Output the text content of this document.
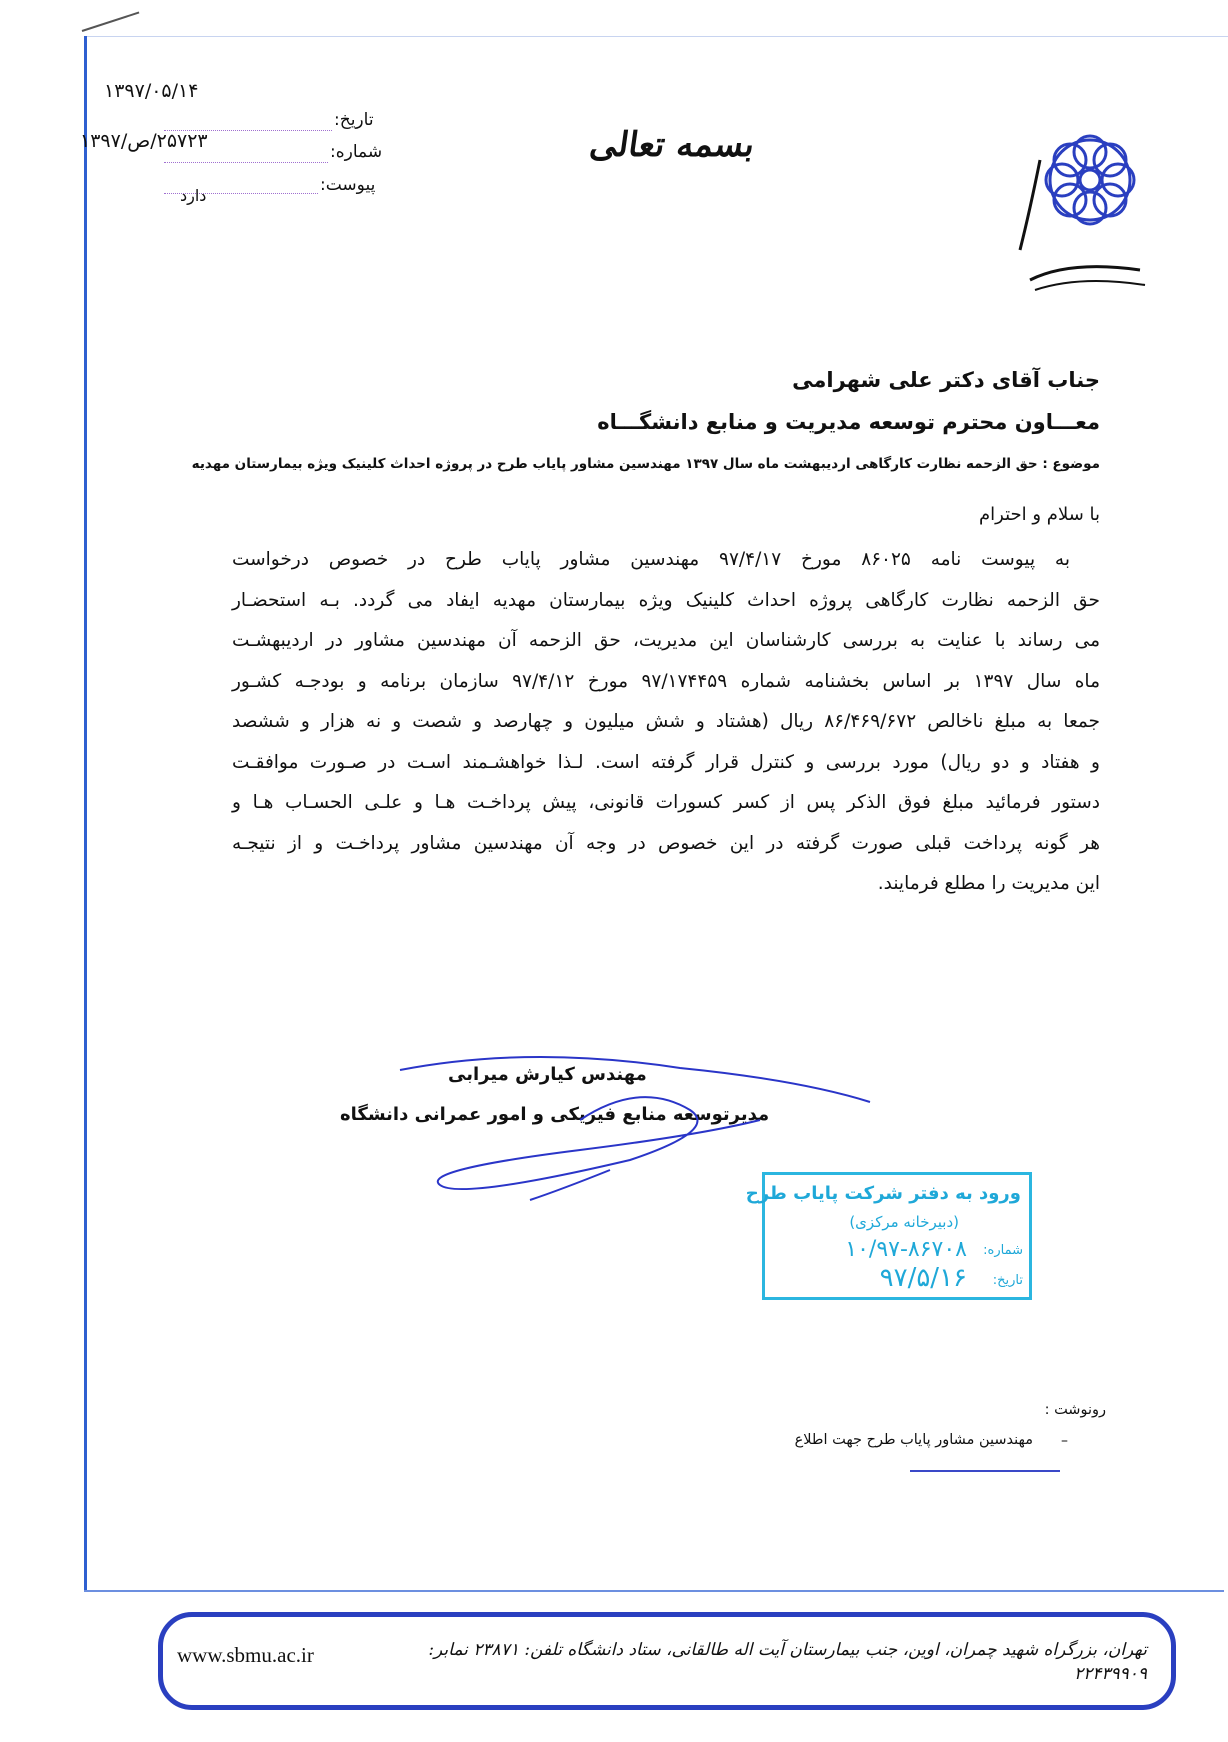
بسمه تعالی
تاریخ:
شماره:
پیوست:
۱۳۹۷/۰۵/۱۴
۲۵۷۲۳/ص/۱۳۹۷
دارد
جناب آقای دکتر علی شهرامی
معـــاون محترم توسعه مدیریت و منابع دانشگـــاه
موضوع : حق الزحمه نظارت کارگاهی اردیبهشت ماه سال ۱۳۹۷ مهندسین مشاور پایاب طرح در پروژه احداث کلینیک ویژه بیمارستان مهدیه
با سلام و احترام
به پیوست نامه ۸۶۰۲۵ مورخ ۹۷/۴/۱۷ مهندسین مشاور پایاب طرح در خصوص درخواست
حق الزحمه نظارت کارگاهی پروژه احداث کلینیک ویژه بیمارستان مهدیه ایفاد می گردد. بـه استحضـار
می رساند با عنایت به بررسی کارشناسان این مدیریت، حق الزحمه آن مهندسین مشاور در اردیبهشـت
ماه سال ۱۳۹۷ بر اساس بخشنامه شماره ۹۷/۱۷۴۴۵۹ مورخ ۹۷/۴/۱۲ سازمان برنامه و بودجـه کشـور
جمعا به مبلغ ناخالص ۸۶/۴۶۹/۶۷۲ ریال (هشتاد و شش میلیون و چهارصد و شصت و نه هزار و ششصد
و هفتاد و دو ریال) مورد بررسی و کنترل قرار گرفته است. لـذا خواهشـمند اسـت در صـورت موافقـت
دستور فرمائید مبلغ فوق الذکر پس از کسر کسورات قانونی، پیش پرداخـت هـا و علـی الحسـاب هـا و
هر گونه پرداخت قبلی صورت گرفته در این خصوص در وجه آن مهندسین مشاور پرداخـت و از نتیجـه
این مدیریت را مطلع فرمایند.
مهندس کیارش میرابی
مدیرتوسعه منابع فیزیکی و امور عمرانی دانشگاه
ورود به دفتر شرکت پایاب طرح
(دبیرخانه مرکزی)
شماره:
۱۰/۹۷-۸۶۷۰۸
تاریخ:
۹۷/۵/۱۶
رونوشت :
–
مهندسین مشاور پایاب طرح جهت اطلاع
تهران، بزرگراه شهید چمران، اوین، جنب بیمارستان آیت اله طالقانی، ستاد دانشگاه تلفن: ۲۳۸۷۱ نمابر: ۲۲۴۳۹۹۰۹
www.sbmu.ac.ir
